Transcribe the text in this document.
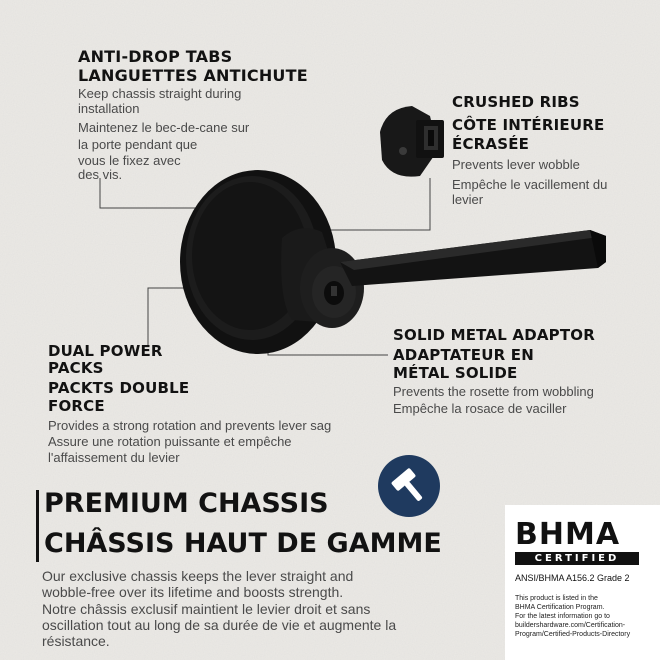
ANTI-DROP TABS
LANGUETTES ANTICHUTE

Keep chassis straight during

installation

Maintenez le bec-de-cane sur

la porte pendant que

vous le fixez avec

des vis.

CRUSHED RIBS
CÔTE INTÉRIEURE
ÉCRASÉE

Prevents lever wobble

Empêche le vacillement du

levier

SOLID METAL ADAPTOR
ADAPTATEUR EN
MÉTAL SOLIDE

Prevents the rosette from wobbling

Empêche la rosace de vaciller

DUAL POWER
PACKS
PACKTS DOUBLE
FORCE

Provides a strong rotation and prevents lever sag

Assure une rotation puissante et empêche

l'affaissement du levier

PREMIUM CHASSIS
CHÂSSIS HAUT DE GAMME

Our exclusive chassis keeps the lever straight and

wobble-free over its lifetime and boosts strength.

Notre châssis exclusif maintient le levier droit et sans

oscillation tout au long de sa durée de vie et augmente la

résistance.

BHMA
CERTIFIED

ANSI/BHMA A156.2 Grade 2

This product is listed in the

BHMA Certification Program.

For the latest information go to

buildershardware.com/Certification-

Program/Certified-Products-Directory
